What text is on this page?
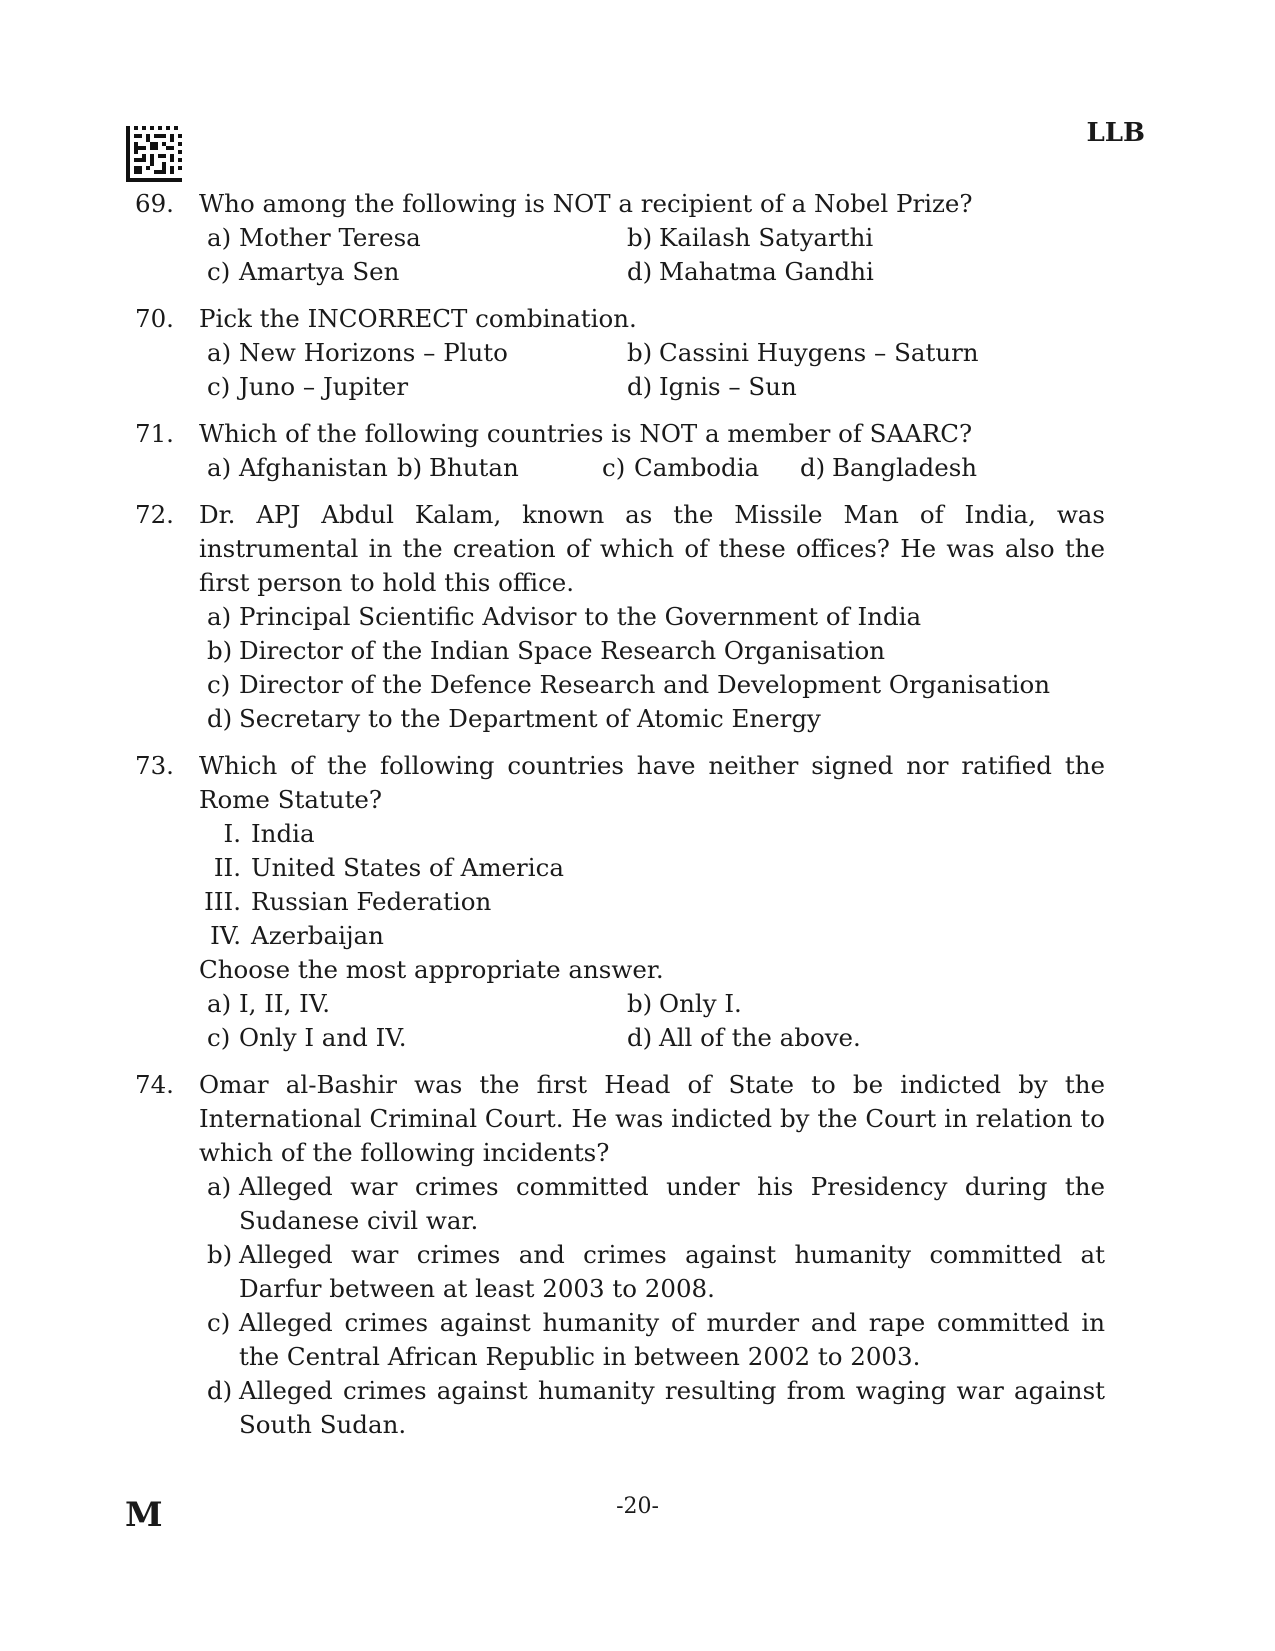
LLB
69.	Who among the following is NOT a recipient of a Nobel Prize?
a) Mother Teresa	b) Kailash Satyarthi
c) Amartya Sen	d) Mahatma Gandhi
70.	Pick the INCORRECT combination.
a) New Horizons – Pluto	b) Cassini Huygens – Saturn
c) Juno – Jupiter	d) Ignis – Sun
71.	Which of the following countries is NOT a member of SAARC?
a) Afghanistan b) Bhutan	c) Cambodia	d) Bangladesh
72.	Dr. APJ Abdul Kalam, known as the Missile Man of India, was instrumental in the creation of which of these offices? He was also the first person to hold this office.
a) Principal Scientific Advisor to the Government of India
b) Director of the Indian Space Research Organisation
c) Director of the Defence Research and Development Organisation
d) Secretary to the Department of Atomic Energy
73.	Which of the following countries have neither signed nor ratified the Rome Statute?
I. India
II. United States of America
III. Russian Federation
IV. Azerbaijan
Choose the most appropriate answer.
a) I, II, IV.	b) Only I.
c) Only I and IV.	d) All of the above.
74.	Omar al-Bashir was the first Head of State to be indicted by the International Criminal Court. He was indicted by the Court in relation to which of the following incidents?
a) Alleged war crimes committed under his Presidency during the Sudanese civil war.
b) Alleged war crimes and crimes against humanity committed at Darfur between at least 2003 to 2008.
c) Alleged crimes against humanity of murder and rape committed in the Central African Republic in between 2002 to 2003.
d) Alleged crimes against humanity resulting from waging war against South Sudan.
M	-20-
